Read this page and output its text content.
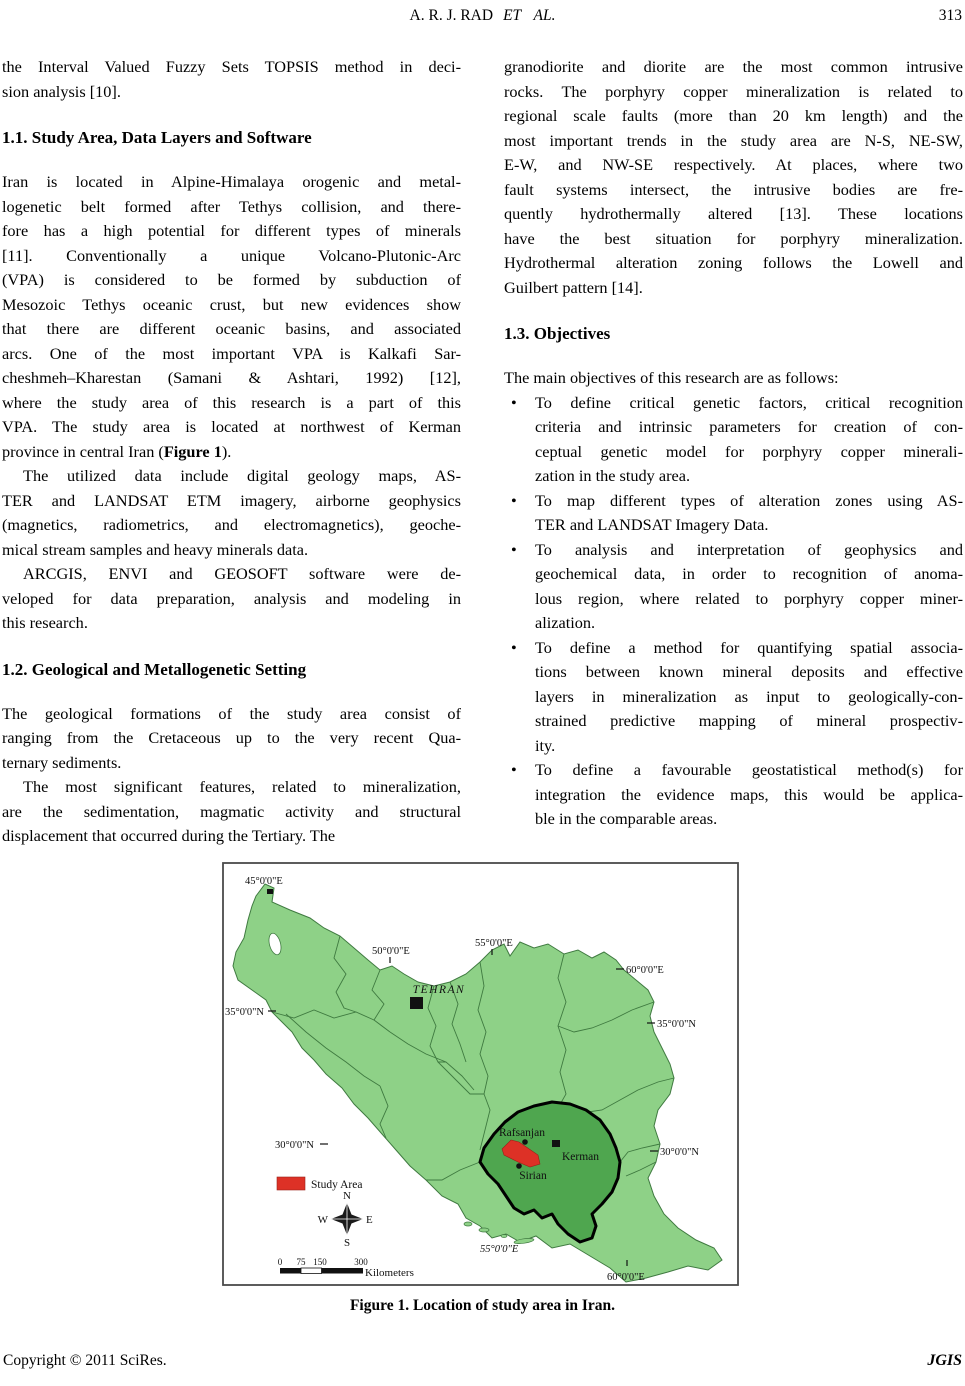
A. R. J. RAD ET AL.	313
the Interval Valued Fuzzy Sets TOPSIS method in deci-
sion analysis [10].
1.1. Study Area, Data Layers and Software
Iran is located in Alpine-Himalaya orogenic and metal-
logenetic belt formed after Tethys collision, and there-
fore has a high potential for different types of minerals
[11]. Conventionally a unique Volcano-Plutonic-Arc
(VPA) is considered to be formed by subduction of
Mesozoic Tethys oceanic crust, but new evidences show
that there are different oceanic basins, and associated
arcs. One of the most important VPA is Kalkafi Sar-
cheshmeh–Kharestan (Samani & Ashtari, 1992) [12],
where the study area of this research is a part of this
VPA. The study area is located at northwest of Kerman
province in central Iran (Figure 1).
The utilized data include digital geology maps, AS-
TER and LANDSAT ETM imagery, airborne geophysics
(magnetics, radiometrics, and electromagnetics), geoche-
mical stream samples and heavy minerals data.
ARCGIS, ENVI and GEOSOFT software were de-
veloped for data preparation, analysis and modeling in
this research.
1.2. Geological and Metallogenetic Setting
The geological formations of the study area consist of
ranging from the Cretaceous up to the very recent Qua-
ternary sediments.
The most significant features, related to mineralization,
are the sedimentation, magmatic activity and structural
displacement that occurred during the Tertiary. The
granodiorite and diorite are the most common intrusive
rocks. The porphyry copper mineralization is related to
regional scale faults (more than 20 km length) and the
most important trends in the study area are N-S, NE-SW,
E-W, and NW-SE respectively. At places, where two
fault systems intersect, the intrusive bodies are fre-
quently hydrothermally altered [13]. These locations
have the best situation for porphyry mineralization.
Hydrothermal alteration zoning follows the Lowell and
Guilbert pattern [14].
1.3. Objectives
The main objectives of this research are as follows:
• To define critical genetic factors, critical recognition
criteria and intrinsic parameters for creation of con-
ceptual genetic model for porphyry copper minerali-
zation in the study area.
• To map different types of alteration zones using AS-
TER and LANDSAT Imagery Data.
• To analysis and interpretation of geophysics and
geochemical data, in order to recognition of anoma-
lous region, where related to porphyry copper miner-
alization.
• To define a method for quantifying spatial associa-
tions between known mineral deposits and effective
layers in mineralization as input to geologically-con-
strained predictive mapping of mineral prospectiv-
ity.
• To define a favourable geostatistical method(s) for
integration the evidence maps, this would be applica-
ble in the comparable areas.
TEHRAN
Rafsanjan
Kerman
Sirian
45°0'0"E
50°0'0"E
55°0'0"E
60°0'0"E
35°0'0"N
35°0'0"N
30°0'0"N
30°0'0"N
55°0'0"E
60°0'0"E
Study Area
N
S
W	E
0 75 150	300
Kilometers
Figure 1. Location of study area in Iran.
Copyright © 2011 SciRes.	JGIS
